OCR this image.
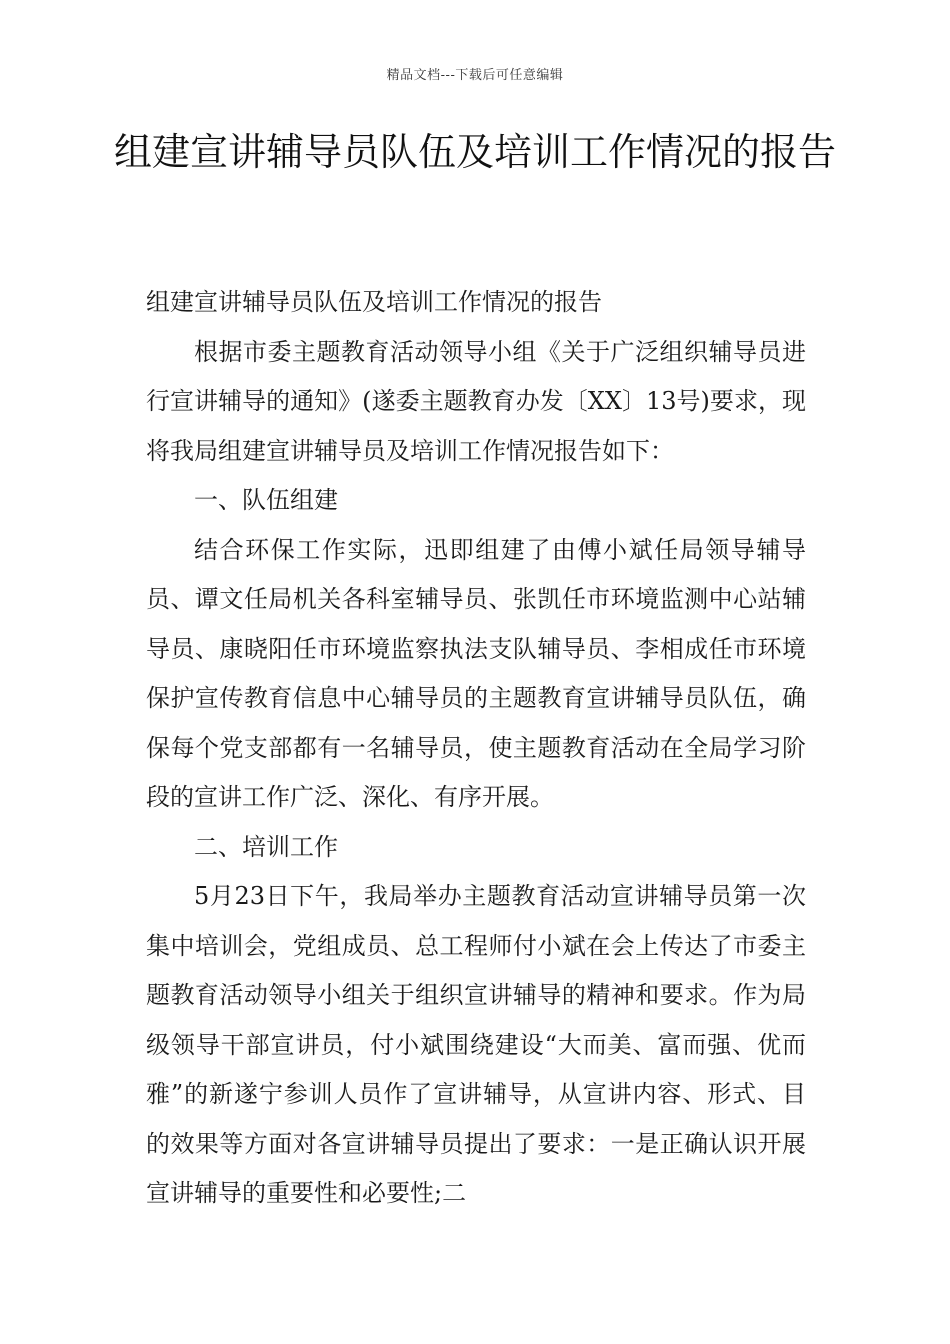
精品文档---下载后可任意编辑
组建宣讲辅导员队伍及培训工作情况的报告

组建宣讲辅导员队伍及培训工作情况的报告

根据市委主题教育活动领导小组《关于广泛组织辅导员进行宣讲辅导的通知》(遂委主题教育办发〔XX〕13号)要求，现将我局组建宣讲辅导员及培训工作情况报告如下：

一、队伍组建

结合环保工作实际，迅即组建了由傅小斌任局领导辅导员、谭文任局机关各科室辅导员、张凯任市环境监测中心站辅导员、康晓阳任市环境监察执法支队辅导员、李相成任市环境保护宣传教育信息中心辅导员的主题教育宣讲辅导员队伍，确保每个党支部都有一名辅导员，使主题教育活动在全局学习阶段的宣讲工作广泛、深化、有序开展。

二、培训工作

5月23日下午，我局举办主题教育活动宣讲辅导员第一次集中培训会，党组成员、总工程师付小斌在会上传达了市委主题教育活动领导小组关于组织宣讲辅导的精神和要求。作为局级领导干部宣讲员，付小斌围绕建设“大而美、富而强、优而雅”的新遂宁参训人员作了宣讲辅导，从宣讲内容、形式、目的效果等方面对各宣讲辅导员提出了要求：一是正确认识开展宣讲辅导的重要性和必要性;二
